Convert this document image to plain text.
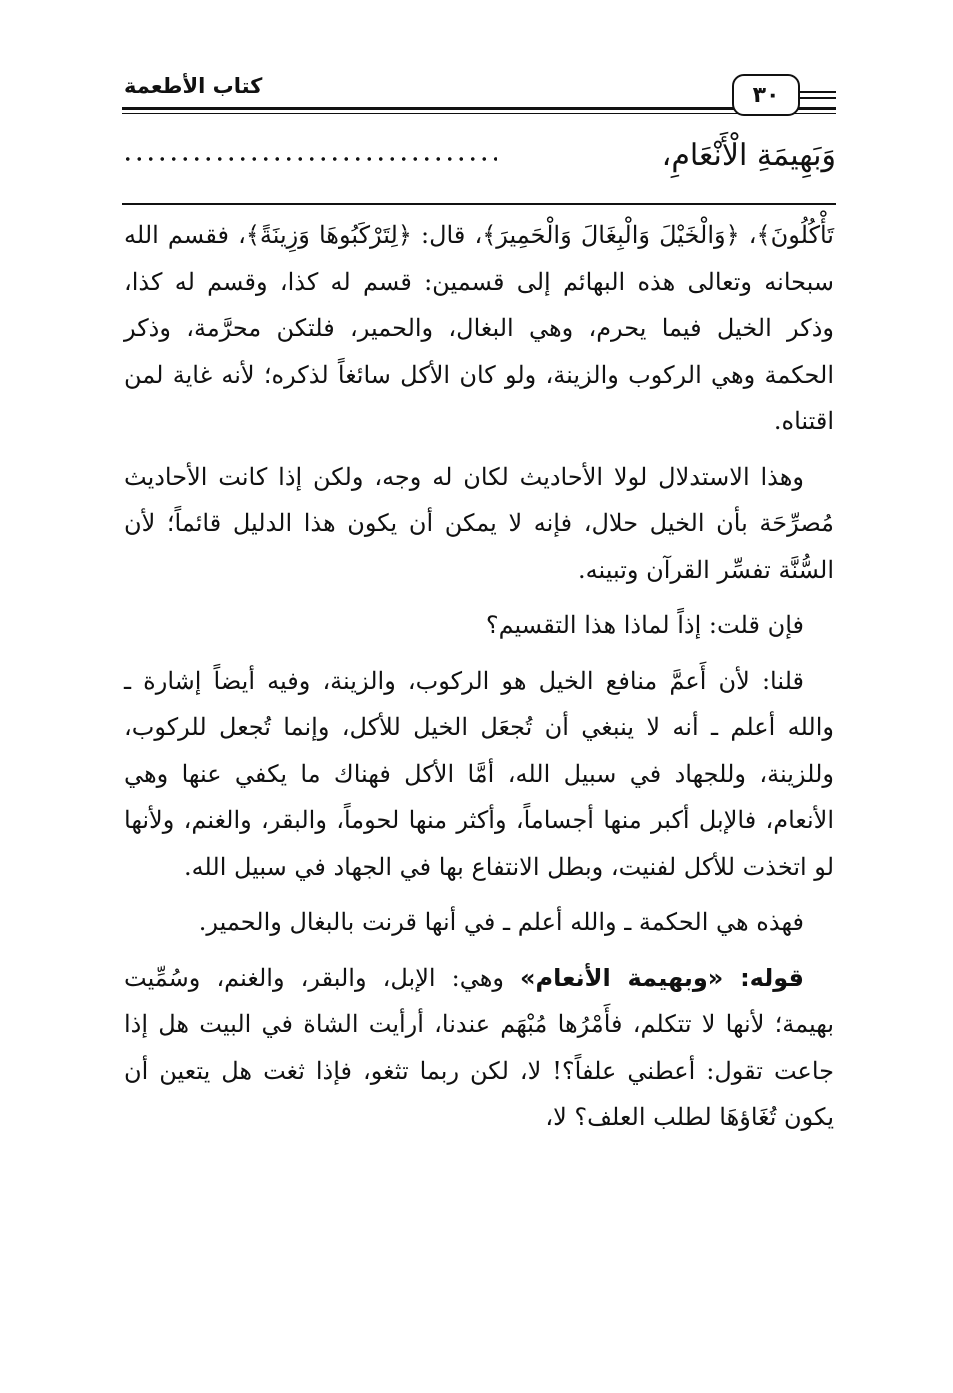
كتاب الأطعمة	٣٠
وَبَهِيمَةِ الْأَنْعَامِ،

تَأْكُلُونَ﴾، ﴿وَالْخَيْلَ وَالْبِغَالَ وَالْحَمِيرَ﴾، قال: ﴿لِتَرْكَبُوهَا وَزِينَةً﴾، فقسم الله سبحانه وتعالى هذه البهائم إلى قسمين: قسم له كذا، وقسم له كذا، وذكر الخيل فيما يحرم، وهي البغال، والحمير، فلتكن محرَّمة، وذكر الحكمة وهي الركوب والزينة، ولو كان الأكل سائغاً لذكره؛ لأنه غاية لمن اقتناه.

وهذا الاستدلال لولا الأحاديث لكان له وجه، ولكن إذا كانت الأحاديث مُصرِّحَة بأن الخيل حلال، فإنه لا يمكن أن يكون هذا الدليل قائماً؛ لأن السُّنَّة تفسِّر القرآن وتبينه.

فإن قلت: إذاً لماذا هذا التقسيم؟

قلنا: لأن أَعمَّ منافع الخيل هو الركوب، والزينة، وفيه أيضاً إشارة ـ والله أعلم ـ أنه لا ينبغي أن تُجعَل الخيل للأكل، وإنما تُجعل للركوب، وللزينة، وللجهاد في سبيل الله، أمَّا الأكل فهناك ما يكفي عنها وهي الأنعام، فالإبل أكبر منها أجساماً، وأكثر منها لحوماً، والبقر، والغنم، ولأنها لو اتخذت للأكل لفنيت، وبطل الانتفاع بها في الجهاد في سبيل الله.

فهذه هي الحكمة ـ والله أعلم ـ في أنها قرنت بالبغال والحمير.

قوله: «وبهيمة الأنعام» وهي: الإبل، والبقر، والغنم، وسُمِّيت بهيمة؛ لأنها لا تتكلم، فأَمْرُها مُبْهَم عندنا، أرأيت الشاة في البيت هل إذا جاعت تقول: أعطني علفاً؟! لا، لكن ربما تثغو، فإذا ثغت هل يتعين أن يكون تُغَاؤهَا لطلب العلف؟ لا،
